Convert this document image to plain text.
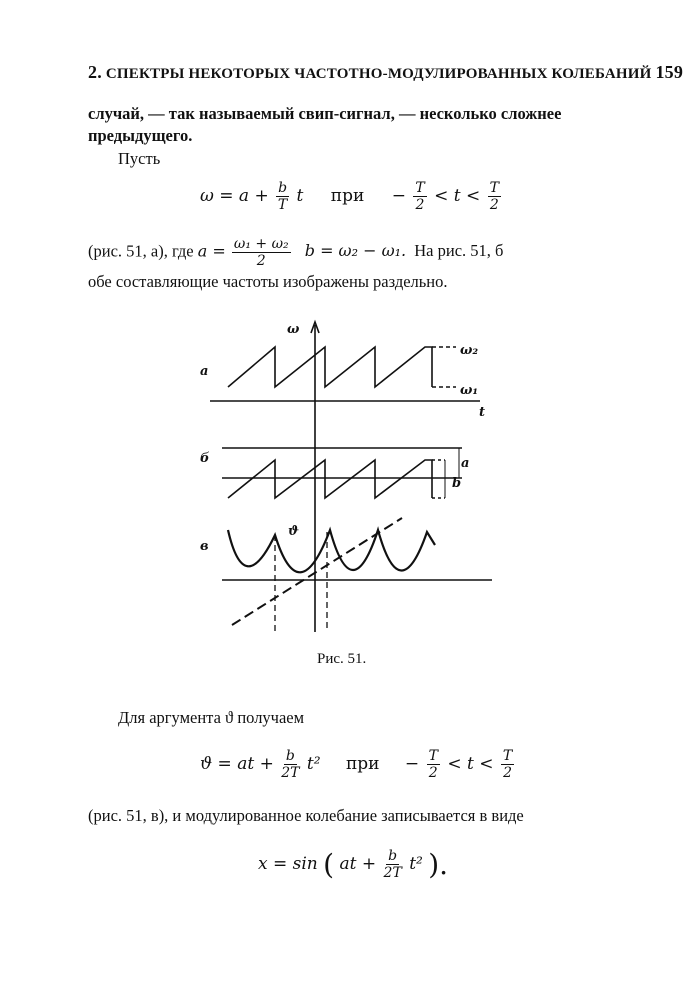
2. СПЕКТРЫ НЕКОТОРЫХ ЧАСТОТНО-МОДУЛИРОВАННЫХ КОЛЕБАНИЙ 159
случай, — так называемый свип-сигнал, — несколько сложнее
предыдущего.
Пусть
$\omega = a + \frac{b}{T}$ t при − $\frac{T}{2} < t < \frac{T}{2}$
(рис. 51, а), где $a = \frac{\text{ω₁ + ω₂}}{2}$ b = ω₂ − ω₁. На рис. 51, б
обе составляющие частоты изображены раздельно.
а
б
в
ω
t
ω₂
ω₁
a
b
ϑ
Рис. 51.
Для аргумента ϑ получаем
ϑ = at + $\frac{b}{2T} t^2$ при − $\frac{T}{2} < t < \frac{T}{2}$
(рис. 51, в), и модулированное колебание записывается в виде
x = sin ( at + $\frac{b}{2T} t^2$ ).
